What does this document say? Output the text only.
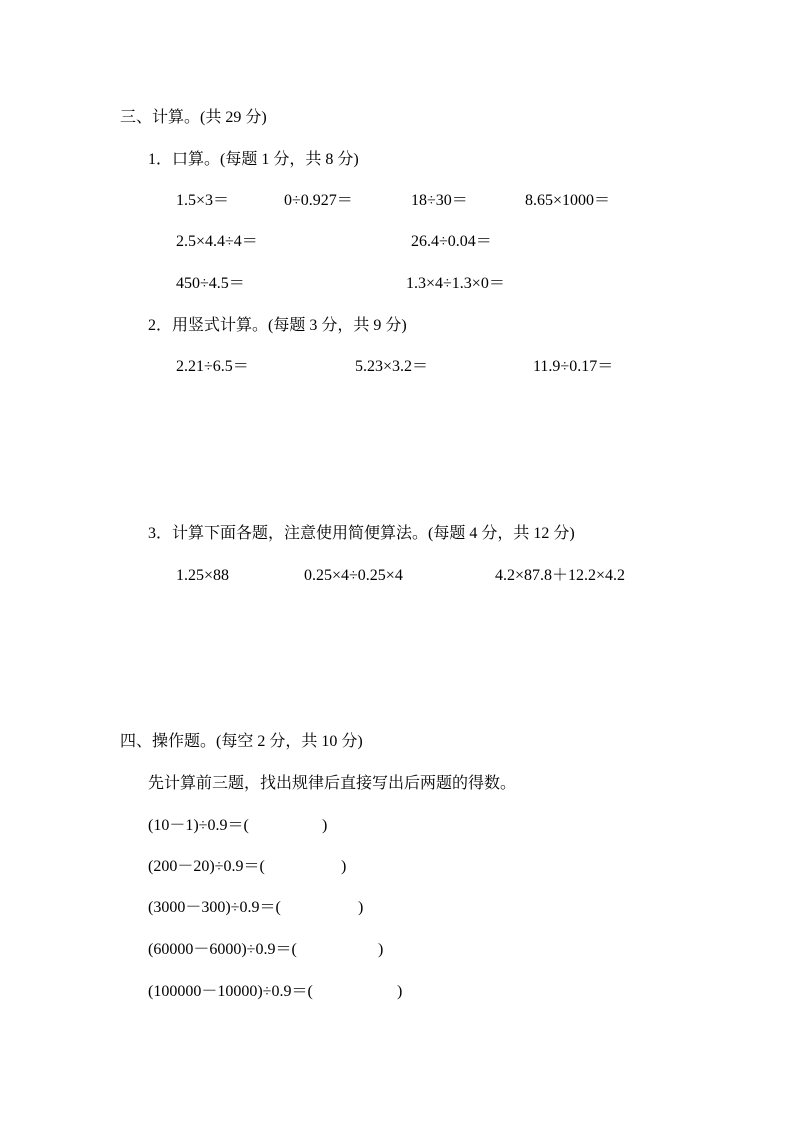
三、计算。(共 29 分)
1．口算。(每题 1 分，共 8 分)
1.5×3＝	0÷0.927＝	18÷30＝	8.65×1000＝
2.5×4.4÷4＝	26.4÷0.04＝
450÷4.5＝	1.3×4÷1.3×0＝
2．用竖式计算。(每题 3 分，共 9 分)
2.21÷6.5＝	5.23×3.2＝	11.9÷0.17＝
3．计算下面各题，注意使用简便算法。(每题 4 分，共 12 分)
1.25×88	0.25×4÷0.25×4	4.2×87.8＋12.2×4.2
四、操作题。(每空 2 分，共 10 分)
先计算前三题，找出规律后直接写出后两题的得数。
(10－1)÷0.9＝(	)
(200－20)÷0.9＝(	)
(3000－300)÷0.9＝(	)
(60000－6000)÷0.9＝(	)
(100000－10000)÷0.9＝(	)
